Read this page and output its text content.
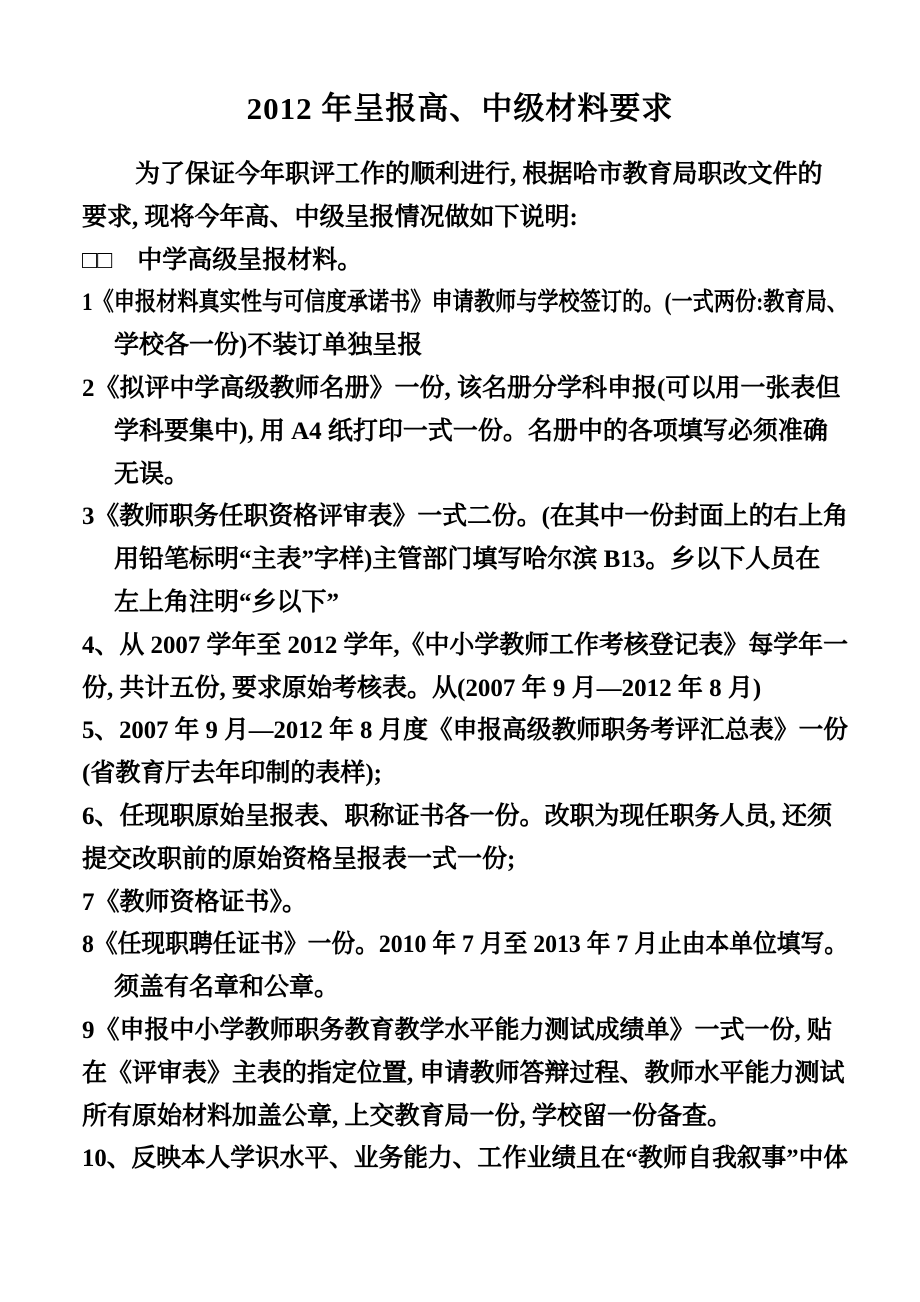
2012 年呈报高、中级材料要求
为了保证今年职评工作的顺利进行, 根据哈市教育局职改文件的
要求, 现将今年高、中级呈报情况做如下说明:
□□　中学高级呈报材料。
1《申报材料真实性与可信度承诺书》申请教师与学校签订的。(一式两份:教育局、
学校各一份)不装订单独呈报
2《拟评中学高级教师名册》一份, 该名册分学科申报(可以用一张表但
学科要集中), 用 A4 纸打印一式一份。名册中的各项填写必须准确
无误。
3《教师职务任职资格评审表》一式二份。(在其中一份封面上的右上角
用铅笔标明“主表”字样)主管部门填写哈尔滨 B13。乡以下人员在
左上角注明“乡以下”
4、从 2007 学年至 2012 学年,《中小学教师工作考核登记表》每学年一
份, 共计五份, 要求原始考核表。从(2007 年 9 月—2012 年 8 月)
5、2007 年 9 月—2012 年 8 月度《申报高级教师职务考评汇总表》一份
(省教育厅去年印制的表样);
6、任现职原始呈报表、职称证书各一份。改职为现任职务人员, 还须
提交改职前的原始资格呈报表一式一份;
7《教师资格证书》。
8《任现职聘任证书》一份。2010 年 7 月至 2013 年 7 月止由本单位填写。
须盖有名章和公章。
9《申报中小学教师职务教育教学水平能力测试成绩单》一式一份, 贴
在《评审表》主表的指定位置, 申请教师答辩过程、教师水平能力测试
所有原始材料加盖公章, 上交教育局一份, 学校留一份备查。
10、反映本人学识水平、业务能力、工作业绩且在“教师自我叙事”中体
